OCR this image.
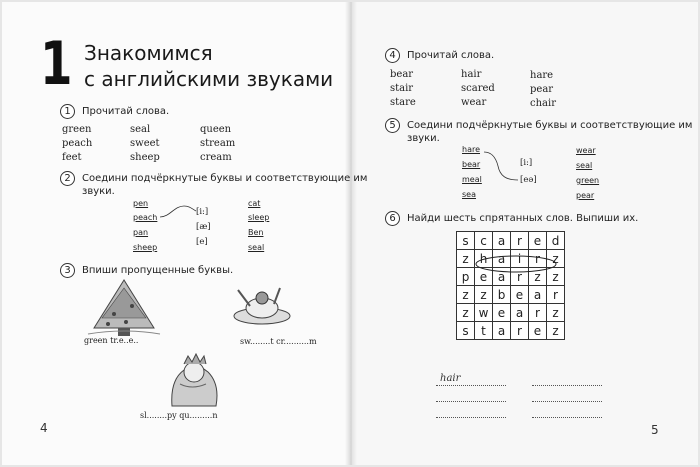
1 Знакомимся
с английскими звуками
1	Прочитай слова.
green	seal	queen
peach	sweet	stream
feet	sheep	cream
2	Соедини подчёркнутые буквы и соответствующие им
звуки.
pen
peach
pan
sheep
[i:]
[æ]
[e]
cat
sleep
Ben
seal
3	Впиши пропущенные буквы.
green tr.e..e..	sw........t cr..........m
sl........py qu.........n
4
4	Прочитай слова.
bear	hair	hare
stair	scared	pear
stare	wear	chair
5	Соедини подчёркнутые буквы и соответствующие им
звуки.
hare
bear
meal
sea
[i:]
[eə]
wear
seal
green
pear
6	Найди шесть спрятанных слов. Выпиши их.
s	c	a	r	e	d
z	h	a	i	r	z
p	e	a	r	z	z
z	z	b	e	a	r
z	w	e	a	r	z
s	t	a	r	e	z
hair
5
